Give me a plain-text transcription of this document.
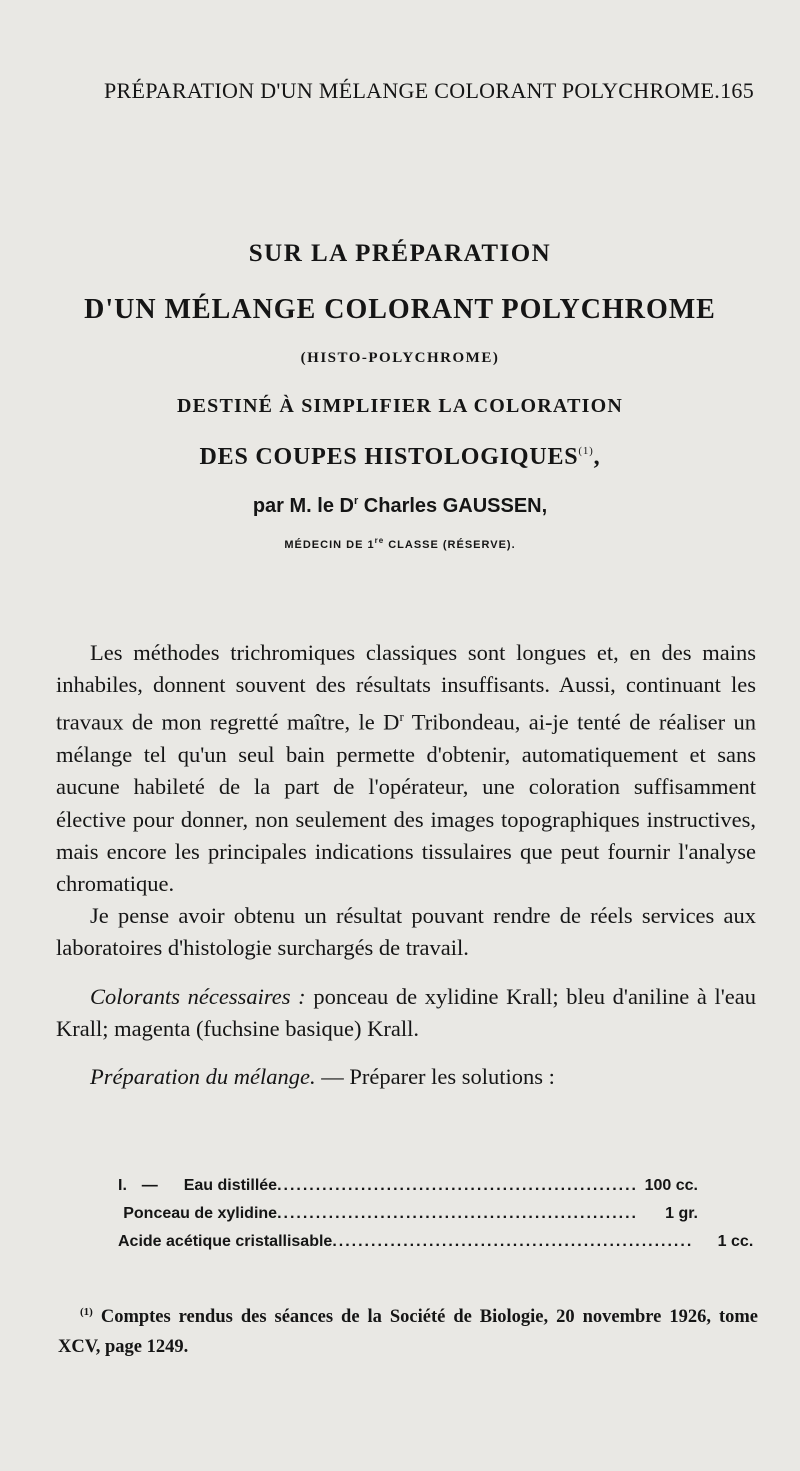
PRÉPARATION D'UN MÉLANGE COLORANT POLYCHROME. 165
SUR LA PRÉPARATION
D'UN MÉLANGE COLORANT POLYCHROME
(HISTO-POLYCHROME)
DESTINÉ À SIMPLIFIER LA COLORATION
DES COUPES HISTOLOGIQUES$^{(1)}$,
par M. le $D^r$ Charles GAUSSEN,
MÉDECIN DE 1re CLASSE (RÉSERVE).

Les méthodes trichromiques classiques sont longues et, en des mains inhabiles, donnent souvent des résultats insuffisants. Aussi, continuant les travaux de mon regretté maître, le $D^r$ Tribondeau, ai-je tenté de réaliser un mélange tel qu'un seul bain permette d'obtenir, automatiquement et sans aucune habileté de la part de l'opérateur, une coloration suffisamment élective pour donner, non seulement des images topographiques instructives, mais encore les principales indications tissulaires que peut fournir l'analyse chromatique.

Je pense avoir obtenu un résultat pouvant rendre de réels services aux laboratoires d'histologie surchargés de travail.

Colorants nécessaires : ponceau de xylidine Krall; bleu d'aniline à l'eau Krall; magenta (fuchsine basique) Krall.

Préparation du mélange. — Préparer les solutions :

I. —	Eau distillée ........................................................ 100 cc.
Ponceau de xylidine ........................................................	1 gr.
Acide acétique cristallisable ........................................................	1 cc.
$^{(1)}$ Comptes rendus des séances de la Société de Biologie, 20 novembre 1926, tome XCV, page 1249.
